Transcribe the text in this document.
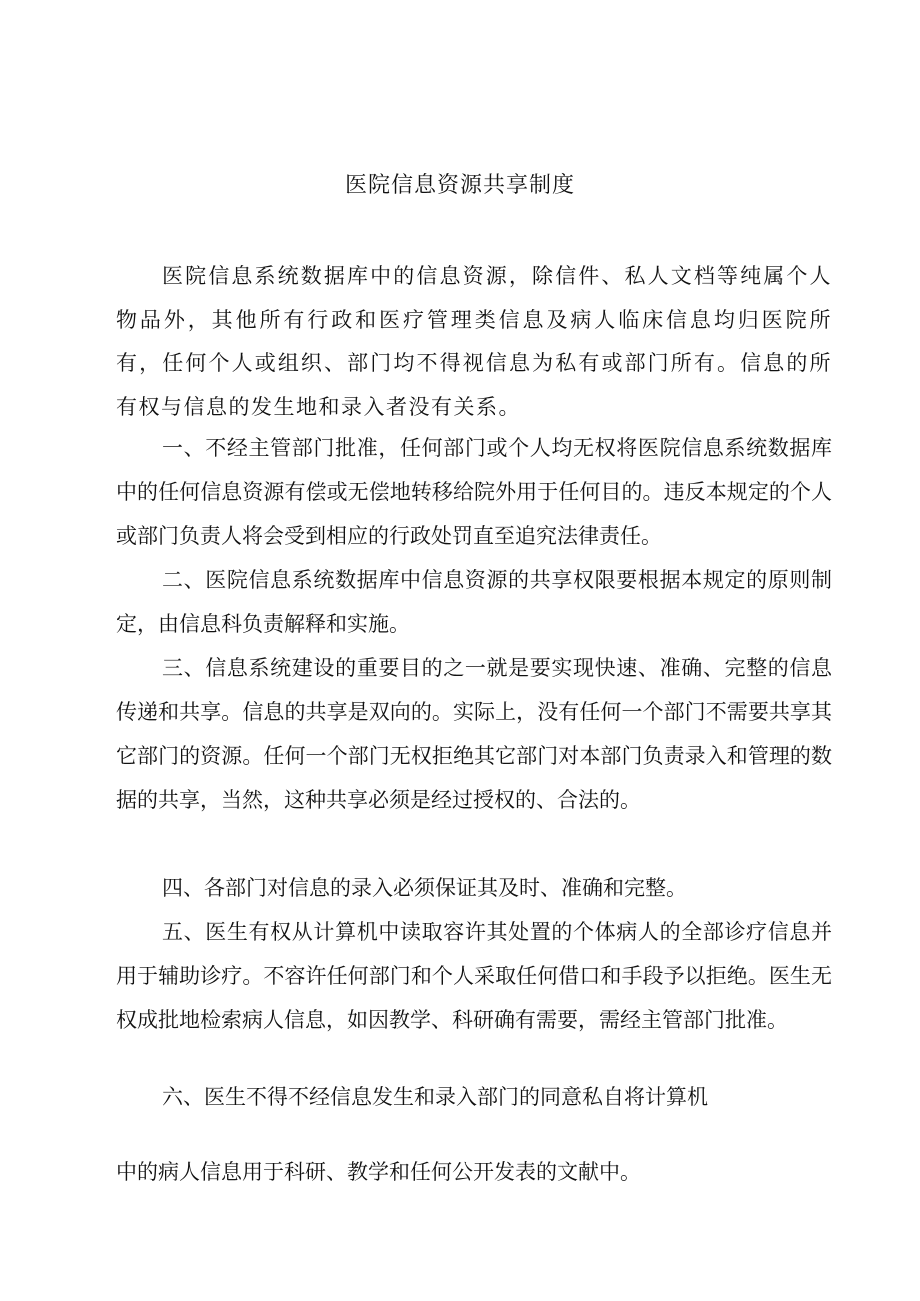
医院信息资源共享制度

医院信息系统数据库中的信息资源，除信件、私人文档等纯属个人物品外，其他所有行政和医疗管理类信息及病人临床信息均归医院所有，任何个人或组织、部门均不得视信息为私有或部门所有。信息的所有权与信息的发生地和录入者没有关系。

一、不经主管部门批准，任何部门或个人均无权将医院信息系统数据库中的任何信息资源有偿或无偿地转移给院外用于任何目的。违反本规定的个人或部门负责人将会受到相应的行政处罚直至追究法律责任。

二、医院信息系统数据库中信息资源的共享权限要根据本规定的原则制定，由信息科负责解释和实施。

三、信息系统建设的重要目的之一就是要实现快速、准确、完整的信息传递和共享。信息的共享是双向的。实际上，没有任何一个部门不需要共享其它部门的资源。任何一个部门无权拒绝其它部门对本部门负责录入和管理的数据的共享，当然，这种共享必须是经过授权的、合法的。

四、各部门对信息的录入必须保证其及时、准确和完整。

五、医生有权从计算机中读取容许其处置的个体病人的全部诊疗信息并用于辅助诊疗。不容许任何部门和个人采取任何借口和手段予以拒绝。医生无权成批地检索病人信息，如因教学、科研确有需要，需经主管部门批准。

六、医生不得不经信息发生和录入部门的同意私自将计算机

中的病人信息用于科研、教学和任何公开发表的文献中。
